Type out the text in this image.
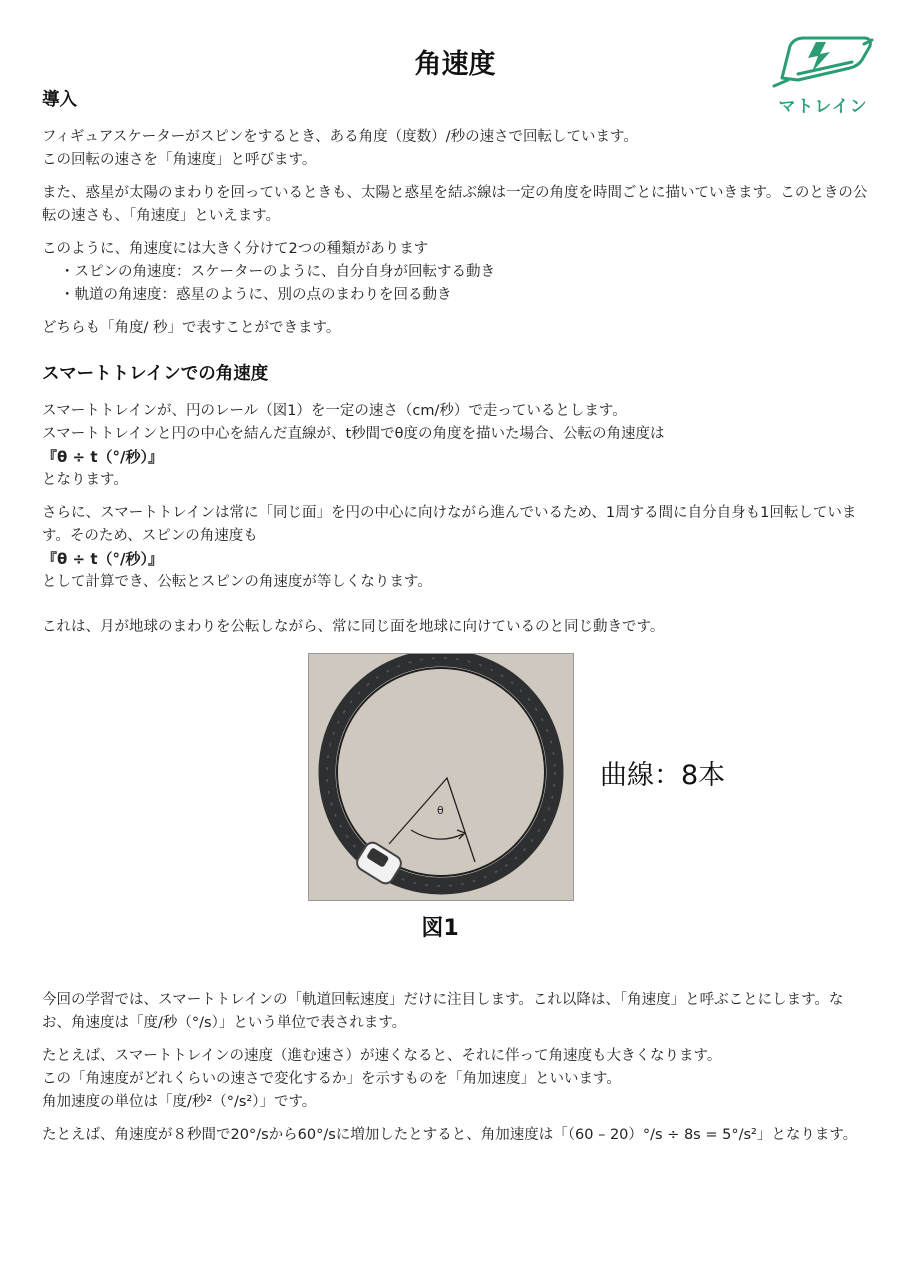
角速度
マトレイン
導入

フィギュアスケーターがスピンをするとき、ある角度（度数）/秒の速さで回転しています。
この回転の速さを「角速度」と呼びます。

また、惑星が太陽のまわりを回っているときも、太陽と惑星を結ぶ線は一定の角度を時間ごとに描いていきます。このときの公転の速さも、「角速度」といえます。

このように、角速度には大きく分けて2つの種類があります
・スピンの角速度：スケーターのように、自分自身が回転する動き
・軌道の角速度：惑星のように、別の点のまわりを回る動き

どちらも「角度/ 秒」で表すことができます。

スマートトレインでの角速度

スマートトレインが、円のレール（図1）を一定の速さ（cm/秒）で走っているとします。
スマートトレインと円の中心を結んだ直線が、t秒間でθ度の角度を描いた場合、公転の角速度は
『θ ÷ t（°/秒）』
となります。

さらに、スマートトレインは常に「同じ面」を円の中心に向けながら進んでいるため、1周する間に自分自身も1回転しています。そのため、スピンの角速度も
『θ ÷ t（°/秒）』
として計算でき、公転とスピンの角速度が等しくなります。

これは、月が地球のまわりを公転しながら、常に同じ面を地球に向けているのと同じ動きです。

θ
曲線：8本
図1

今回の学習では、スマートトレインの「軌道回転速度」だけに注目します。これ以降は、「角速度」と呼ぶことにします。なお、角速度は「度/秒（°/s）」という単位で表されます。

たとえば、スマートトレインの速度（進む速さ）が速くなると、それに伴って角速度も大きくなります。
この「角速度がどれくらいの速さで変化するか」を示すものを「角加速度」といいます。
角加速度の単位は「度/秒²（°/s²）」です。

たとえば、角速度が８秒間で20°/sから60°/sに増加したとすると、角加速度は「（60 – 20）°/s ÷ 8s = 5°/s²」となります。
